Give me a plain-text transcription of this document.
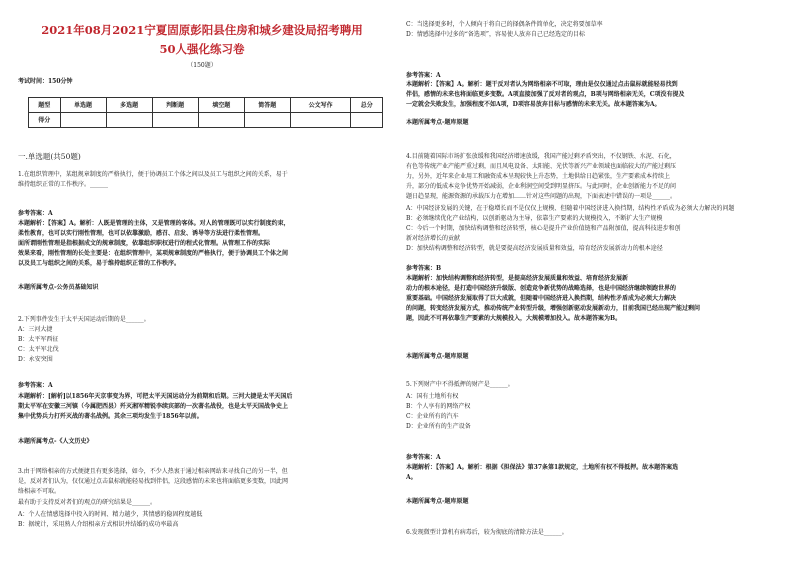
2021年08月2021宁夏固原彭阳县住房和城乡建设局招考聘用
50人强化练习卷
（150题）
考试时间：150分钟
题型	单选题	多选题	判断题	填空题	简答题	公文写作	总分
得分							
一.单选题(共50题)
1.在组织管理中，某组规章制度的严格执行，便于协调员工个体之间以及员工与组织之间的关系，易于
维持组织正常的工作秩序。______
参考答案：A
本题解析：【答案】A。解析：人既是管理的主体，又是管理的客体。对人的管理既可以实行制度约束，
柔性教育，也可以实行刚性管理，也可以依靠激励，感召、启发、诱导等方法进行柔性管理。
面所谓刚性管理是指根据成文的规章制度，依靠组织职权进行的程式化管理。从管理工作的实际
效果来看，刚性管理的长处主要是：在组织管理中，某项规章制度的严格执行，便于协调员工个体之间
以及员工与组织之间的关系，易于维持组织正常的工作秩序。
本题所属考点-公务员基础知识
2.下列事件发生于太平天国运动后期的是______。
A：三河大捷
B：太平军西征
C：太平军北伐
D：永安突围
参考答案：A
本题解析：[解析]以1856年天京事变为界，可把太平天国运动分为前期和后期。三河大捷是太平天国后
期太平军在安徽三河镇（今属肥西县）歼灭湘军精锐李续宾部的一次著名战役，也是太平天国战争史上
集中优势兵力打歼灭战的著名战例。其余三项均发生于1856年以前。
本题所属考点-《人文历史》
3.由于网络相亲的方式便捷且有更多选择，如今，不少人热衷于通过相亲网站来寻找自己的另一半，但
是，反对者们认为，仅仅通过点击鼠标就能轻易找到伴侣，这段感情的未来也将面临更多变数，因此网
络相亲不可取。
最有助于支持反对者们的观点的研究结果是______。
A：个人在情感选择中投入的时间、精力越少，其情感的稳固程度越低
B：据统计，采用熟人介绍相亲方式相识并结婚的成功率最高
C：当选择更多时，个人倾向于将自己的择偶条件简单化，决定将要加草率
D：情感选择中过多的“备选项”，容易使人放弃自己已经选定的目标
参考答案：A
本题解析：【答案】A。解析：题干反对者认为网络相亲不可取，理由是仅仅通过点击鼠标就能轻易找到
伴侣，感情的未来也将面临更多变数。A项直接加强了反对者的观点，B项与网络相亲无关，C项没有提及
一定就会失败发生，加强程度不如A项，D项容易放弃目标与感情的未来无关。故本题答案为A。
本题所属考点-题库原题
4.目前随着国际市场扩张放缓和我国经济增速放缓，我国产能过剩矛盾突出，不仅钢铁、水泥、石化，
有色等传统产业产能严重过剩，而且风电设备、太阳能、光伏等新兴产业领域也面临较大的产能过剩压
力，另外，近年来企业用工和融资成本呈现较快上升态势，土地供给日趋紧张，生产要素成本持续上
升，部分的低成本竞争优势开始减弱，企业利润空间受到明显挤压。与此同时，企业创新能力不足的问
题日趋显现，能源资源的承载压力在增加……针对这些问题的出现，下面表述中错误的一项是______。
A：中国经济发展的关键，在于稳增长而不是仅仅上规模、但随着中国经济进入换挡期，结构性矛盾成为必须大力解决的问题
B：必须继续优化产业结构，以创新驱动为主导，依靠生产要素的大规模投入，不断扩大生产规模
C：今后一个时期，加快结构调整和经济转型，核心是提升产业价值链和产品附加值，提高科技进步和创
新对经济增长的贡献
D：加快结构调整和经济转型，就是要提高经济发展质量和效益，培育经济发展新动力的根本途径
参考答案：B
本题解析：加快结构调整和经济转型，是提高经济发展质量和效益、培育经济发展新
动力的根本途径，是打造中国经济升级版、创造竞争新优势的战略选择，也是中国经济继续领跑世界的
重要基础。中国经济发展取得了巨大成就，但随着中国经济进入换挡期，结构性矛盾成为必须大力解决
的问题，转变经济发展方式，推动传统产业转型升级，增强创新驱动发展新动力，目前我国已经出现产能过剩问
题，因此不可再依靠生产要素的大规模投入，大规模增加投入。故本题答案为B。
本题所属考点-题库原题
5.下列财产中不得抵押的财产是______。
A：国有土地所有权
B：个人享有的网络产权
C：企业所有的汽车
D：企业所有的生产设备
参考答案：A
本题解析：【答案】A。解析：根据《担保法》第37条第1款规定，土地所有权不得抵押。故本题答案选
A。
本题所属考点-题库原题
6.发现微型计算机有病毒后，较为彻底的清除方法是______。
